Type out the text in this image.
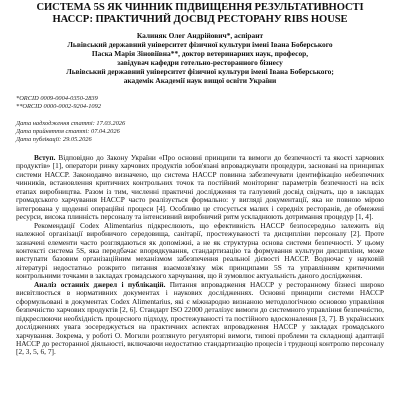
СИСТЕМА 5S ЯК ЧИННИК ПІДВИЩЕННЯ РЕЗУЛЬТАТИВНОСТІ
НАССР: ПРАКТИЧНИЙ ДОСВІД РЕСТОРАНУ RIBS HOUSE
Калиняк Олег Андрійович*, аспірант
Львівський державний університет фізичної культури імені Івана Боберського
Паска Марія Зіновіївна**, доктор ветеринарних наук, професор,
завідувач кафедри готельно-ресторанного бізнесу
Львівський державний університет фізичної культури імені Івана Боберського;
академік Академії наук вищої освіти України
*ORCID 0009-0004-0350-2839
**ORCID 0000-0002-9204-1092
Дата надходження статті: 17.03.2026
Дата прийняття статті: 07.04.2026
Дата публікації: 29.05.2026

Вступ. Відповідно до Закону України «Про основні принципи та вимоги до безпечності та якості харчових продуктів» [1], оператори ринку харчових продуктів зобов'язані впроваджувати процедури, засновані на принципах системи НАССР. Законодавчо визначено, що система НАССР повинна забезпечувати ідентифікацію небезпечних чинників, встановлення критичних контрольних точок та постійний моніторинг параметрів безпечності на всіх етапах виробництва. Разом із тим, численні практичні дослідження та галузевий досвід свідчать, що в закладах громадського харчування НАССР часто реалізується формально: у вигляді документації, яка не повною мірою інтегрована у щоденні операційні процеси [4]. Особливо це стосується малих і середніх ресторанів, де обмежені ресурси, висока плинність персоналу та інтенсивний виробничий ритм ускладнюють дотримання процедур [1, 4].

Рекомендації Codex Alimentarius підкреслюють, що ефективність НАССР безпосередньо залежить від належної організації виробничого середовища, санітарії, простежуваності та дисципліни персоналу [2]. Проте зазначені елементи часто розглядаються як допоміжні, а не як структурна основа системи безпечності. У цьому контексті система 5S, яка передбачає впорядкування, стандартизацію та формування культури дисципліни, може виступати базовим організаційним механізмом забезпечення реальної дієвості НАССР. Водночас у науковій літературі недостатньо розкрито питання взаємозв'язку між принципами 5S та управлінням критичними контрольними точками в закладах громадського харчування, що й зумовлює актуальність даного дослідження.

Аналіз останніх джерел і публікацій. Питання впровадження НАССР у ресторанному бізнесі широко висвітлюється в нормативних документах і наукових дослідженнях. Основні принципи системи НАССР сформульовані в документах Codex Alimentarius, які є міжнародно визнаною методологічною основою управління безпечністю харчових продуктів [2, 6]. Стандарт ISO 22000 деталізує вимоги до системного управління безпечністю, підкреслюючи необхідність процесного підходу, простежуваності та постійного вдосконалення [3, 7]. В українських дослідженнях увага зосереджується на практичних аспектах впровадження НАССР у закладах громадського харчування. Зокрема, у роботі О. Могили розглянуто регуляторні вимоги, типові проблеми та складнощі адаптації НАССР до ресторанної діяльності, включаючи недостатню стандартизацію процесів і труднощі контролю персоналу [2, 3, 5, 6, 7].
